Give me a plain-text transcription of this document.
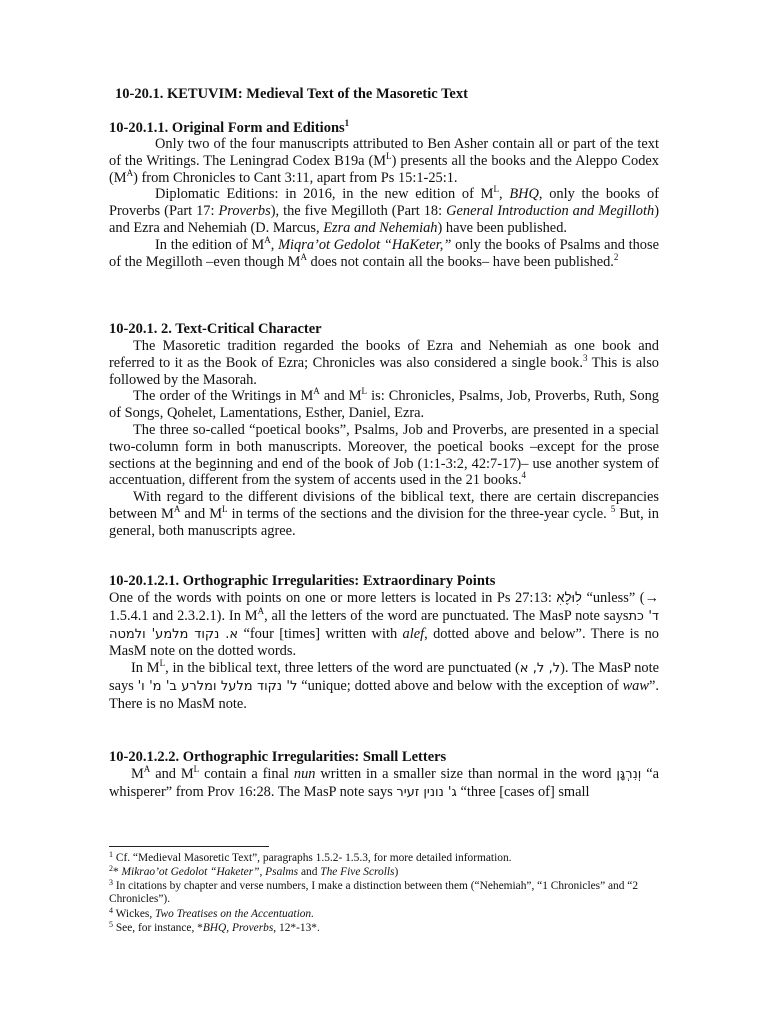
10-20.1. KETUVIM: Medieval Text of the Masoretic Text
10-20.1.1. Original Form and Editions$^1$

Only two of the four manuscripts attributed to Ben Asher contain all or part of the text of the Writings. The Leningrad Codex B19a $(M^L)$ presents all the books and the Aleppo Codex $(M^A)$ from Chronicles to Cant 3:11, apart from Ps 15:1-25:1.

Diplomatic Editions: in 2016, in the new edition of $M^L$, BHQ, only the books of Proverbs (Part 17: Proverbs), the five Megilloth (Part 18: General Introduction and Megilloth) and Ezra and Nehemiah (D. Marcus, Ezra and Nehemiah) have been published.

In the edition of $M^A$, Miqra’ot Gedolot “HaKeter,” only the books of Psalms and those of the Megilloth –even though $M^A$ does not contain all the books– have been published.$^2$

10-20.1. 2. Text-Critical Character

The Masoretic tradition regarded the books of Ezra and Nehemiah as one book and referred to it as the Book of Ezra; Chronicles was also considered a single book.$^3$ This is also followed by the Masorah.

The order of the Writings in $M^A$ and $M^L$ is: Chronicles, Psalms, Job, Proverbs, Ruth, Song of Songs, Qohelet, Lamentations, Esther, Daniel, Ezra.

The three so-called “poetical books”, Psalms, Job and Proverbs, are presented in a special two-column form in both manuscripts. Moreover, the poetical books –except for the prose sections at the beginning and end of the book of Job (1:1-3:2, 42:7-17)– use another system of accentuation, different from the system of accents used in the 21 books.$^4$

With regard to the different divisions of the biblical text, there are certain discrepancies between $M^A$ and $M^L$ in terms of the sections and the division for the three-year cycle. $^5$ But, in general, both manuscripts agree.

10-20.1.2.1. Orthographic Irregularities: Extraordinary Points

One of the words with points on one or more letters is located in Ps 27:13: לׅוּלֵׅאׅ “unless” (→ 1.5.4.1 and 2.3.2.1). In $M^A$, all the letters of the word are punctuated. The MasP note saysד' כת א. נקוד מלמע' ולמטה “four [times] written with alef, dotted above and below”. There is no MasM note on the dotted words.

In $M^L$, in the biblical text, three letters of the word are punctuated (ל, ל, א). The MasP note says ל' נקוד מלעל ומלרע ב' מ' ו' “unique; dotted above and below with the exception of waw”. There is no MasM note.

10-20.1.2.2. Orthographic Irregularities: Small Letters

$M^A$ and $M^L$ contain a final nun written in a smaller size than normal in the word וְנִרְגָּן “a whisperer” from Prov 16:28. The MasP note says ג' נונין זעיר “three [cases of] small

$^1$ Cf. “Medieval Masoretic Text”, paragraphs 1.5.2- 1.5.3, for more detailed information.

$^2$* Mikrao’ot Gedolot “Haketer”, Psalms and The Five Scrolls)

$^3$ In citations by chapter and verse numbers, I make a distinction between them (“Nehemiah”, “1 Chronicles” and “2 Chronicles”).

$^4$ Wickes, Two Treatises on the Accentuation.

$^5$ See, for instance, *BHQ, Proverbs, 12*-13*.
